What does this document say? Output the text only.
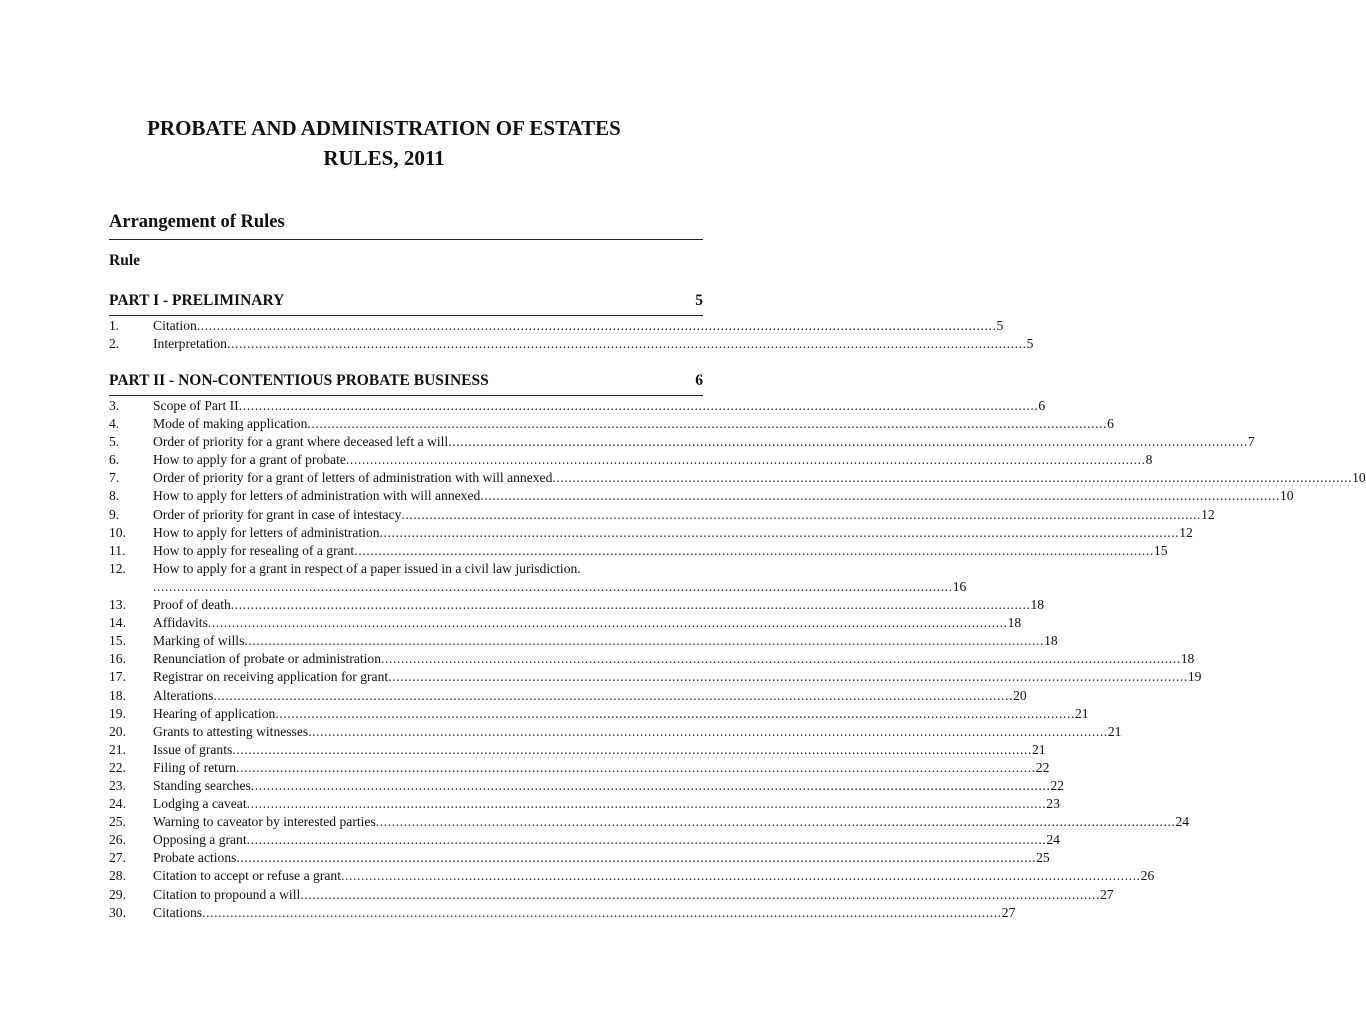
PROBATE AND ADMINISTRATION OF ESTATES
RULES, 2011
Arrangement of Rules
Rule
PART I - PRELIMINARY	5
1.	Citation ........................................................................................................................................................................................................ 5
2.	Interpretation ........................................................................................................................................................................................................ 5
PART II - NON-CONTENTIOUS PROBATE BUSINESS	6
3.	Scope of Part II ........................................................................................................................................................................................................ 6
4.	Mode of making application ........................................................................................................................................................................................................ 6
5.	Order of priority for a grant where deceased left a will ........................................................................................................................................................................................................ 7
6.	How to apply for a grant of probate ........................................................................................................................................................................................................ 8
7.	Order of priority for a grant of letters of administration with will annexed ........................................................................................................................................................................................................ 10
8.	How to apply for letters of administration with will annexed ........................................................................................................................................................................................................ 10
9.	Order of priority for grant in case of intestacy ........................................................................................................................................................................................................ 12
10.	How to apply for letters of administration ........................................................................................................................................................................................................ 12
11.	How to apply for resealing of a grant ........................................................................................................................................................................................................ 15
12.	How to apply for a grant in respect of a paper issued in a civil law jurisdiction.
........................................................................................................................................................................................................ 16
13.	Proof of death ........................................................................................................................................................................................................ 18
14.	Affidavits ........................................................................................................................................................................................................ 18
15.	Marking of wills ........................................................................................................................................................................................................ 18
16.	Renunciation of probate or administration ........................................................................................................................................................................................................ 18
17.	Registrar on receiving application for grant ........................................................................................................................................................................................................ 19
18.	Alterations ........................................................................................................................................................................................................ 20
19.	Hearing of application ........................................................................................................................................................................................................ 21
20.	Grants to attesting witnesses ........................................................................................................................................................................................................ 21
21.	Issue of grants ........................................................................................................................................................................................................ 21
22.	Filing of return ........................................................................................................................................................................................................ 22
23.	Standing searches ........................................................................................................................................................................................................ 22
24.	Lodging a caveat ........................................................................................................................................................................................................ 23
25.	Warning to caveator by interested parties ........................................................................................................................................................................................................ 24
26.	Opposing a grant ........................................................................................................................................................................................................ 24
27.	Probate actions ........................................................................................................................................................................................................ 25
28.	Citation to accept or refuse a grant ........................................................................................................................................................................................................ 26
29.	Citation to propound a will ........................................................................................................................................................................................................ 27
30.	Citations ........................................................................................................................................................................................................ 27
